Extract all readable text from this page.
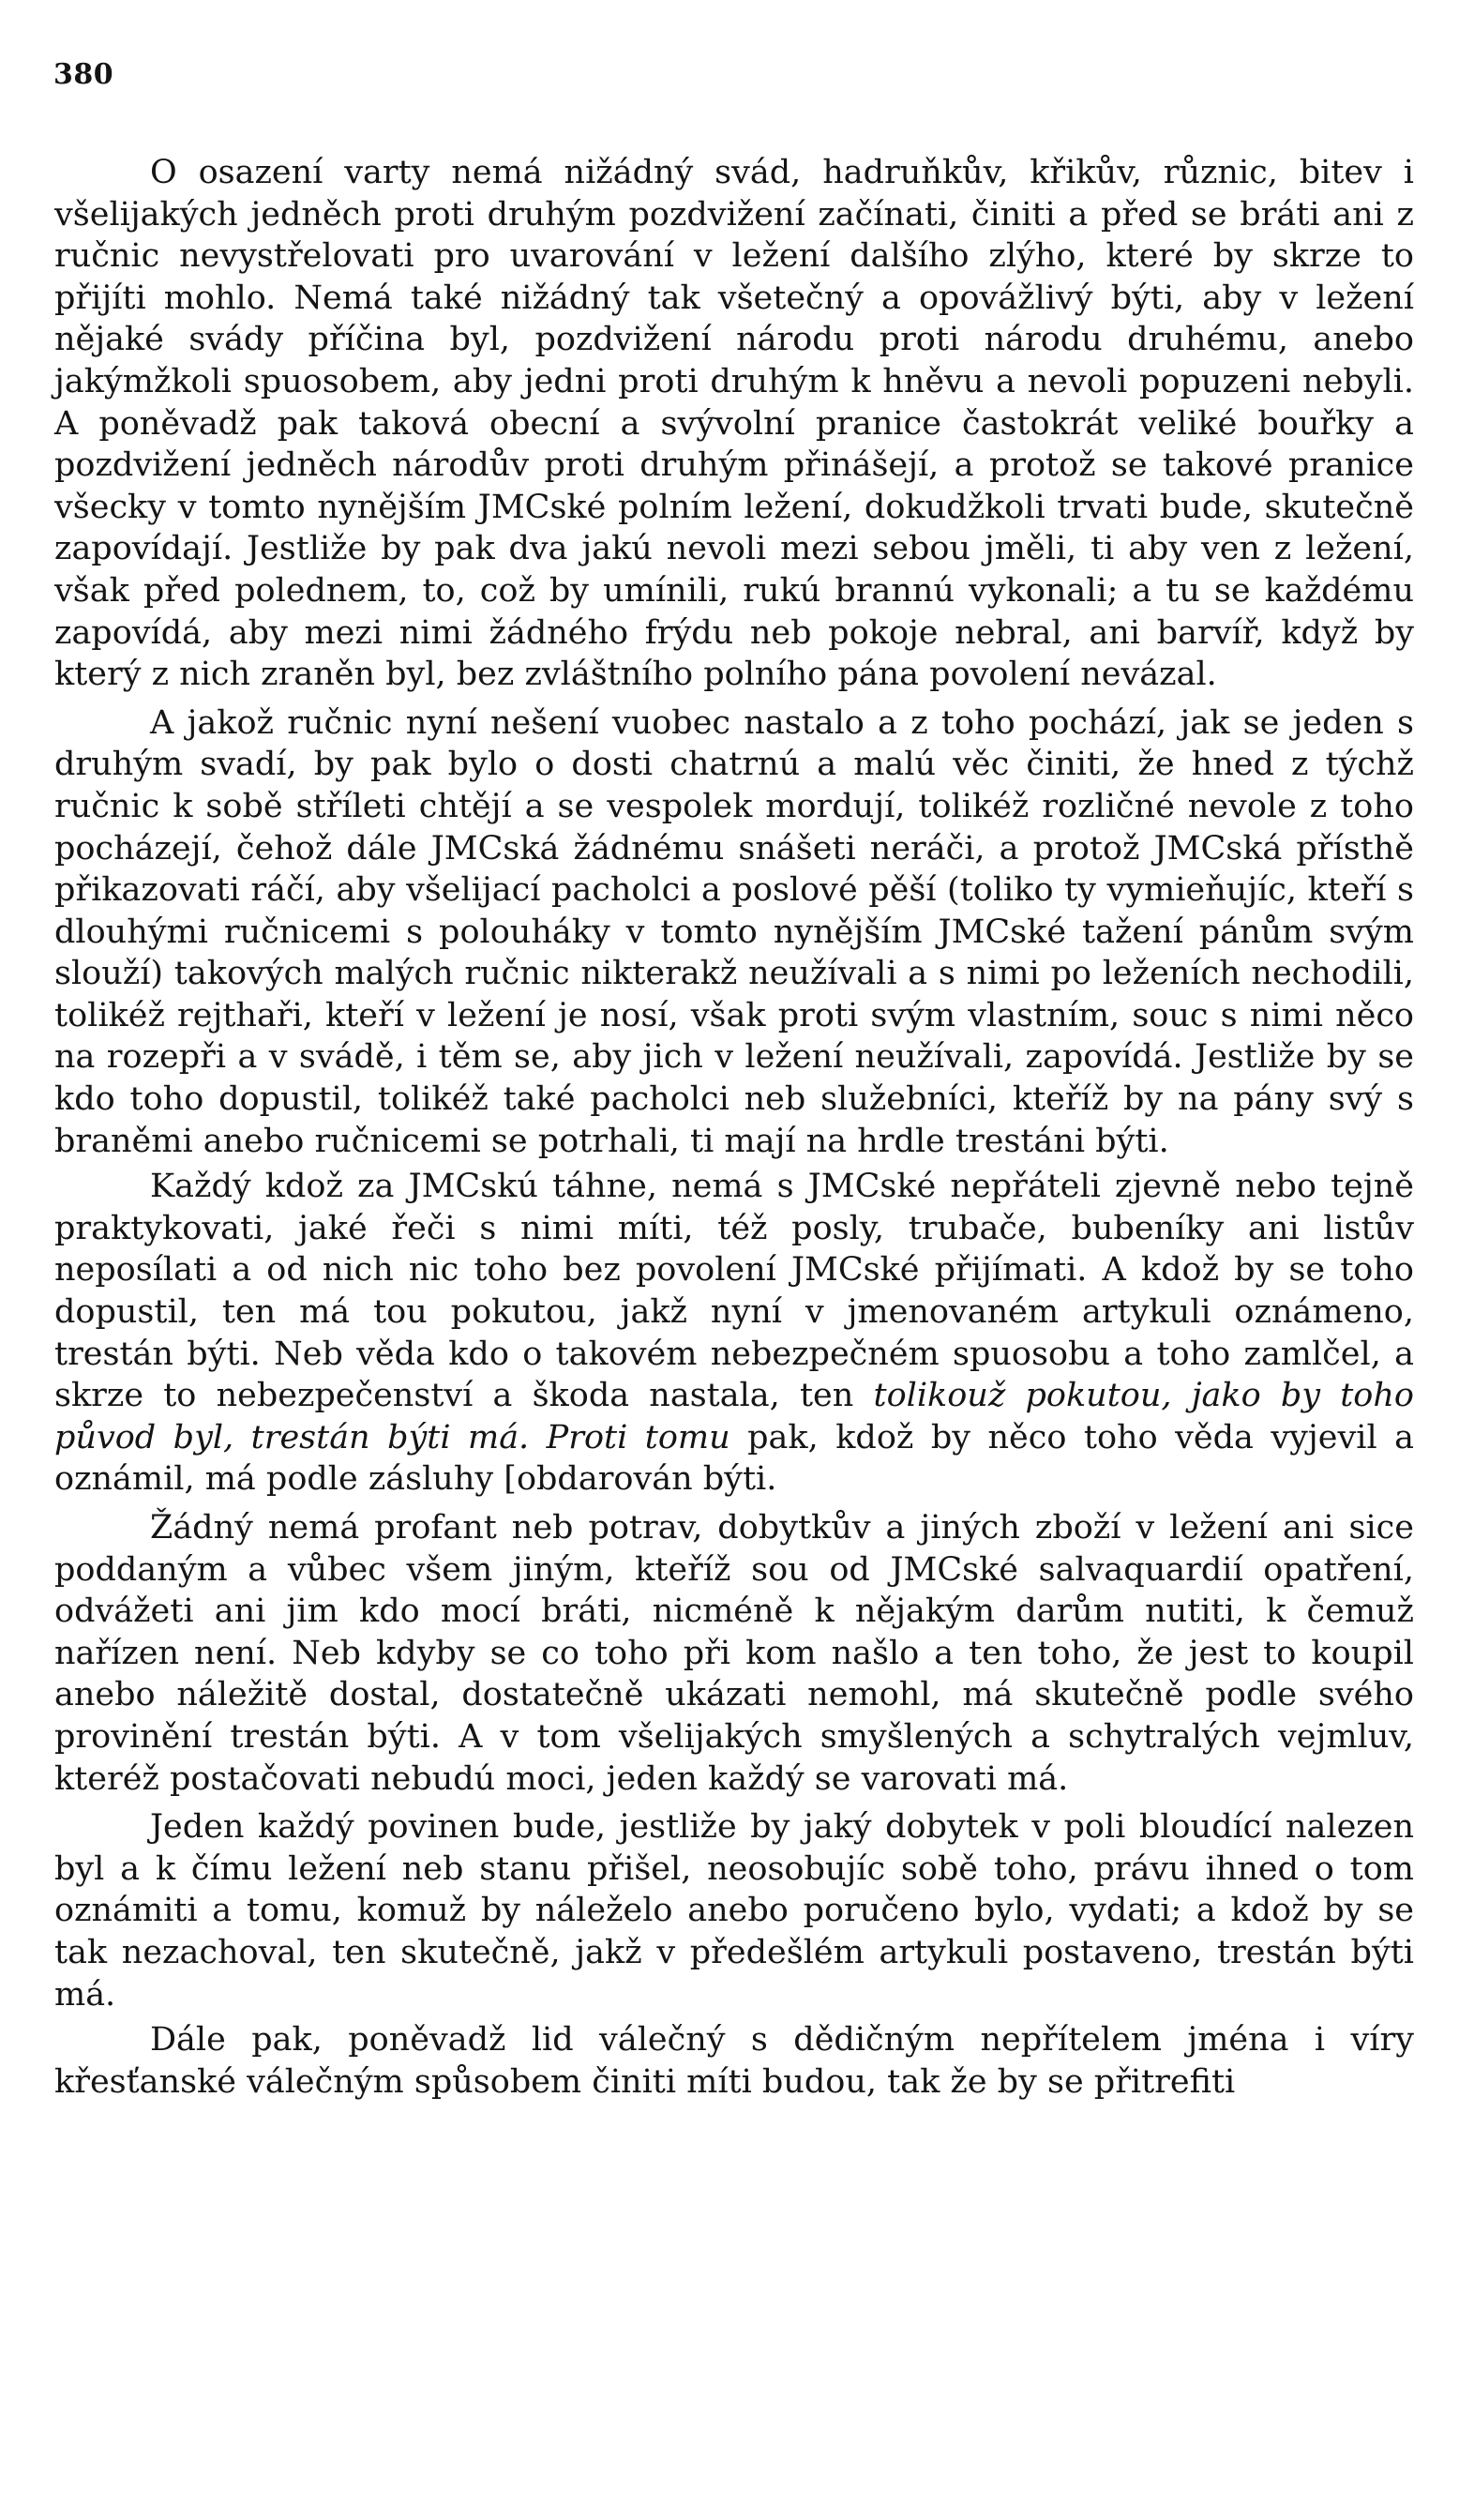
380

O osazení varty nemá nižádný svád, hadruňkův, křikův, různic, bitev i všelijakých jedněch proti druhým pozdvižení začínati, činiti a před se bráti ani z ručnic nevystřelovati pro uvarování v ležení dalšího zlýho, které by skrze to přijíti mohlo. Nemá také nižádný tak všetečný a opovážlivý býti, aby v ležení nějaké svády příčina byl, pozdvižení národu proti národu druhému, anebo jakýmžkoli spuosobem, aby jedni proti druhým k hněvu a nevoli popuzeni nebyli. A poněvadž pak taková obecní a svývolní pranice častokrát veliké bouřky a pozdvižení jedněch národův proti druhým přinášejí, a protož se takové pranice všecky v tomto nynějším JMCské polním ležení, dokudžkoli trvati bude, skutečně zapovídají. Jestliže by pak dva jakú nevoli mezi sebou jměli, ti aby ven z ležení, však před polednem, to, což by umínili, rukú brannú vykonali; a tu se každému zapovídá, aby mezi nimi žádného frýdu neb pokoje nebral, ani barvíř, když by který z nich zraněn byl, bez zvláštního polního pána povolení nevázal.

A jakož ručnic nyní nešení vuobec nastalo a z toho pochází, jak se jeden s druhým svadí, by pak bylo o dosti chatrnú a malú věc činiti, že hned z týchž ručnic k sobě stříleti chtějí a se vespolek mordují, tolikéž rozličné nevole z toho pocházejí, čehož dále JMCská žádnému snášeti neráči, a protož JMCská přísthě přikazovati ráčí, aby všelijací pacholci a poslové pěší (toliko ty vymieňujíc, kteří s dlouhými ručnicemi s polouháky v tomto nynějším JMCské tažení pánům svým slouží) takových malých ručnic nikterakž neužívali a s nimi po leženích nechodili, tolikéž rejthaři, kteří v ležení je nosí, však proti svým vlastním, souc s nimi něco na rozepři a v svádě, i těm se, aby jich v ležení neužívali, zapovídá. Jestliže by se kdo toho dopustil, tolikéž také pacholci neb služebníci, kteříž by na pány svý s braněmi anebo ručnicemi se potrhali, ti mají na hrdle trestáni býti.

Každý kdož za JMCskú táhne, nemá s JMCské nepřáteli zjevně nebo tejně praktykovati, jaké řeči s nimi míti, též posly, trubače, bubeníky ani listův neposílati a od nich nic toho bez povolení JMCské přijímati. A kdož by se toho dopustil, ten má tou pokutou, jakž nyní v jmenovaném artykuli oznámeno, trestán býti. Neb věda kdo o takovém nebezpečném spuosobu a toho zamlčel, a skrze to nebezpečenství a škoda nastala, ten tolikouž pokutou, jako by toho původ byl, trestán býti má. Proti tomu pak, kdož by něco toho věda vyjevil a oznámil, má podle zásluhy [obdarován býti.

Žádný nemá profant neb potrav, dobytkův a jiných zboží v ležení ani sice poddaným a vůbec všem jiným, kteříž sou od JMCské salvaquardií opatření, odvážeti ani jim kdo mocí bráti, nicméně k nějakým darům nutiti, k čemuž nařízen není. Neb kdyby se co toho při kom našlo a ten toho, že jest to koupil anebo náležitě dostal, dostatečně ukázati nemohl, má skutečně podle svého provinění trestán býti. A v tom všelijakých smyšlených a schytralých vejmluv, kteréž postačovati nebudú moci, jeden každý se varovati má.

Jeden každý povinen bude, jestliže by jaký dobytek v poli bloudící nalezen byl a k čímu ležení neb stanu přišel, neosobujíc sobě toho, právu ihned o tom oznámiti a tomu, komuž by náleželo anebo poručeno bylo, vydati; a kdož by se tak nezachoval, ten skutečně, jakž v předešlém artykuli postaveno, trestán býti má.

Dále pak, poněvadž lid válečný s dědičným nepřítelem jména i víry křesťanské válečným spůsobem činiti míti budou, tak že by se přitrefiti
